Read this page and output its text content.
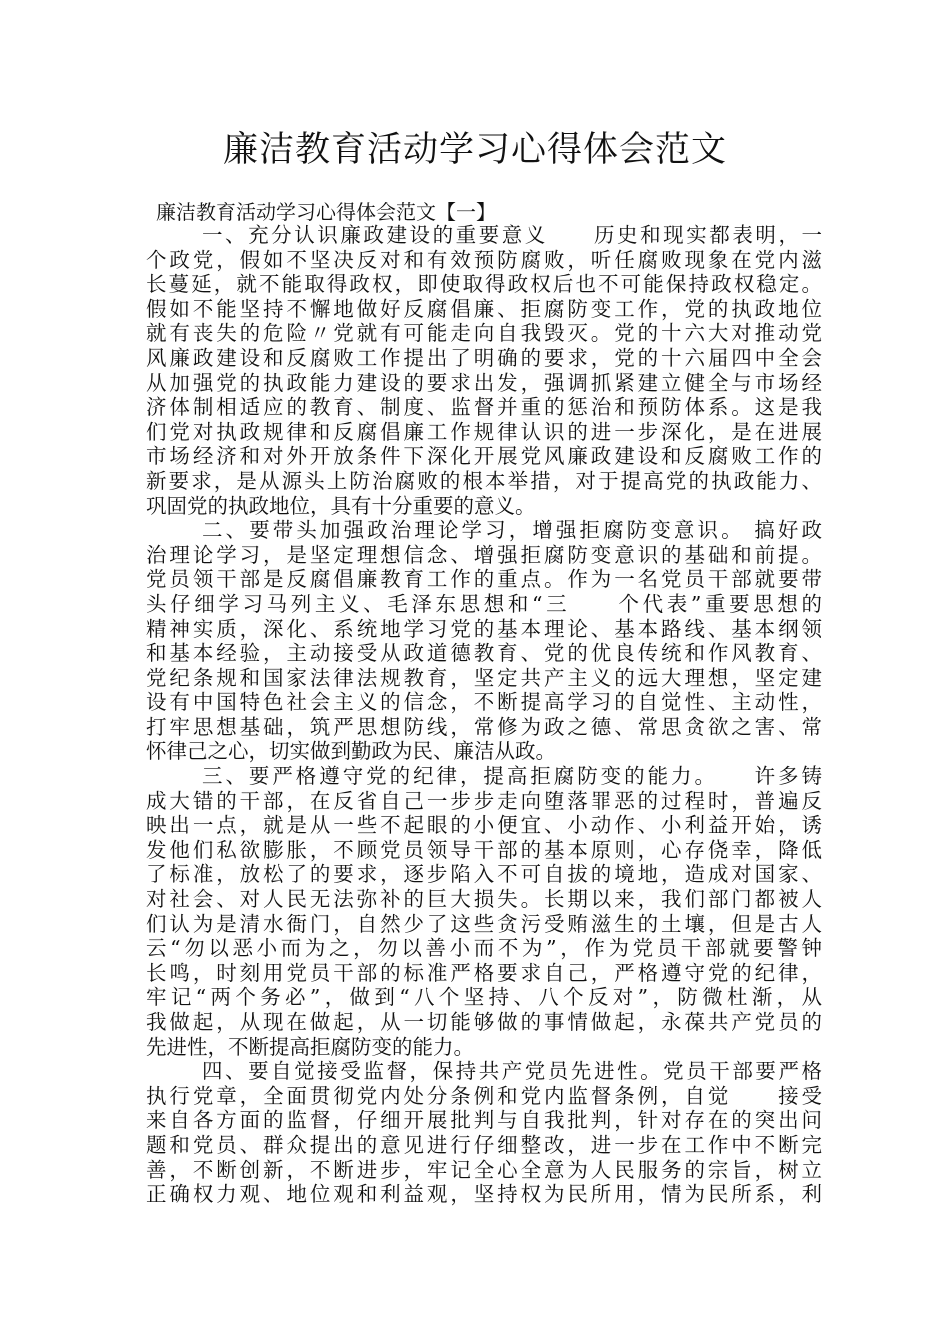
廉洁教育活动学习心得体会范文
廉洁教育活动学习心得体会范文【一】
一、充分认识廉政建设的重要意义　　历史和现实都表明，一
个政党，假如不坚决反对和有效预防腐败，听任腐败现象在党内滋
长蔓延，就不能取得政权，即使取得政权后也不可能保持政权稳定。
假如不能坚持不懈地做好反腐倡廉、拒腐防变工作，党的执政地位
就有丧失的危险〃党就有可能走向自我毁灭。党的十六大对推动党
风廉政建设和反腐败工作提出了明确的要求，党的十六届四中全会
从加强党的执政能力建设的要求出发，强调抓紧建立健全与市场经
济体制相适应的教育、制度、监督并重的惩治和预防体系。这是我
们党对执政规律和反腐倡廉工作规律认识的进一步深化，是在进展
市场经济和对外开放条件下深化开展党风廉政建设和反腐败工作的
新要求，是从源头上防治腐败的根本举措，对于提高党的执政能力、
巩固党的执政地位，具有十分重要的意义。
二、要带头加强政治理论学习，增强拒腐防变意识。 搞好政
治理论学习，是坚定理想信念、增强拒腐防变意识的基础和前提。
党员领干部是反腐倡廉教育工作的重点。作为一名党员干部就要带
头仔细学习马列主义、毛泽东思想和“三　　个代表”重要思想的
精神实质，深化、系统地学习党的基本理论、基本路线、基本纲领
和基本经验，主动接受从政道德教育、党的优良传统和作风教育、
党纪条规和国家法律法规教育，坚定共产主义的远大理想，坚定建
设有中国特色社会主义的信念，不断提高学习的自觉性、主动性，
打牢思想基础，筑严思想防线，常修为政之德、常思贪欲之害、常
怀律己之心，切实做到勤政为民、廉洁从政。
三、要严格遵守党的纪律，提高拒腐防变的能力。　　许多铸
成大错的干部，在反省自己一步步走向堕落罪恶的过程时，普遍反
映出一点，就是从一些不起眼的小便宜、小动作、小利益开始，诱
发他们私欲膨胀，不顾党员领导干部的基本原则，心存侥幸，降低
了标准，放松了的要求，逐步陷入不可自拔的境地，造成对国家、
对社会、对人民无法弥补的巨大损失。长期以来，我们部门都被人
们认为是清水衙门，自然少了这些贪污受贿滋生的土壤，但是古人
云“勿以恶小而为之，勿以善小而不为”，作为党员干部就要警钟
长鸣，时刻用党员干部的标准严格要求自己，严格遵守党的纪律，
牢记“两个务必”，做到“八个坚持、八个反对”，防微杜渐，从
我做起，从现在做起，从一切能够做的事情做起，永葆共产党员的
先进性，不断提高拒腐防变的能力。
四、要自觉接受监督，保持共产党员先进性。党员干部要严格
执行党章，全面贯彻党内处分条例和党内监督条例，自觉　　接受
来自各方面的监督，仔细开展批判与自我批判，针对存在的突出问
题和党员、群众提出的意见进行仔细整改，进一步在工作中不断完
善，不断创新，不断进步，牢记全心全意为人民服务的宗旨，树立
正确权力观、地位观和利益观，坚持权为民所用，情为民所系，利
